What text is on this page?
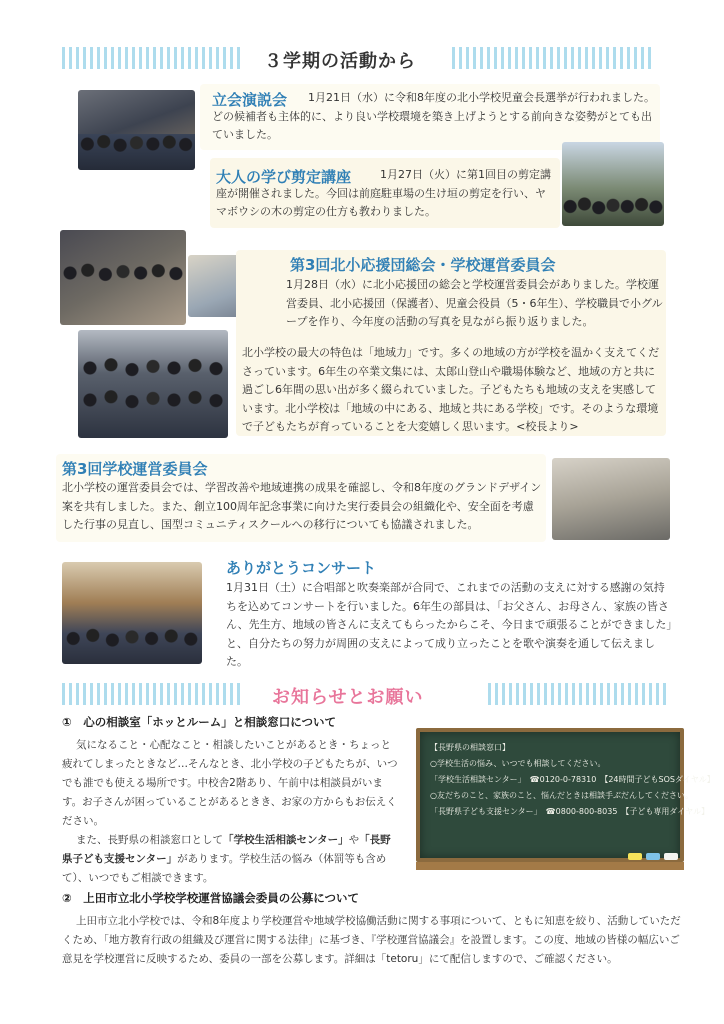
３学期の活動から
立会演説会	1月21日（水）に令和8年度の北小学校児童会長選挙が行われました。どの候補者も主体的に、より良い学校環境を築き上げようとする前向きな姿勢がとても出ていました。
大人の学び剪定講座	1月27日（火）に第1回目の剪定講座が開催されました。今回は前庭駐車場の生け垣の剪定を行い、ヤマボウシの木の剪定の仕方も教わりました。
第3回北小応援団総会・学校運営委員会
1月28日（水）に北小応援団の総会と学校運営委員会がありました。学校運営委員、北小応援団（保護者）、児童会役員（5・6年生）、学校職員で小グループを作り、今年度の活動の写真を見ながら振り返りました。
北小学校の最大の特色は「地域力」です。多くの地域の方が学校を温かく支えてくださっています。6年生の卒業文集には、太郎山登山や職場体験など、地域の方と共に過ごし6年間の思い出が多く綴られていました。子どもたちも地域の支えを実感しています。北小学校は「地域の中にある、地域と共にある学校」です。そのような環境で子どもたちが育っていることを大変嬉しく思います。<校長より>
第3回学校運営委員会
北小学校の運営委員会では、学習改善や地域連携の成果を確認し、令和8年度のグランドデザイン案を共有しました。また、創立100周年記念事業に向けた実行委員会の組織化や、安全面を考慮した行事の見直し、国型コミュニティスクールへの移行についても協議されました。
ありがとうコンサート
1月31日（土）に合唱部と吹奏楽部が合同で、これまでの活動の支えに対する感謝の気持ちを込めてコンサートを行いました。6年生の部員は、「お父さん、お母さん、家族の皆さん、先生方、地域の皆さんに支えてもらったからこそ、今日まで頑張ることができました」と、自分たちの努力が周囲の支えによって成り立ったことを歌や演奏を通して伝えました。
お知らせとお願い
①　心の相談室「ホッとルーム」と相談窓口について
気になること・心配なこと・相談したいことがあるとき・ちょっと疲れてしまったときなど…そんなとき、北小学校の子どもたちが、いつでも誰でも使える場所です。中校舎2階あり、午前中は相談員がいます。お子さんが困っていることがあるときき、お家の方からもお伝えください。
また、長野県の相談窓口として「学校生活相談センター」や「長野県子ども支援センター」があります。学校生活の悩み（体罰等も含めて）、いつでもご相談できます。
【長野県の相談窓口】
○学校生活の悩み、いつでも相談してください。
「学校生活相談センター」　☎0120-0-78310　【24時間子どもSOSダイヤル】
○友だちのこと、家族のこと、悩んだときは相談手ぶだんしてください。
「長野県子ども支援センター」　☎0800-800-8035　【子ども専用ダイヤル】
②　上田市立北小学校学校運営協議会委員の公募について
上田市立北小学校では、令和8年度より学校運営や地域学校協働活動に関する事項について、ともに知恵を絞り、活動していただくため、「地方教育行政の組織及び運営に関する法律」に基づき、『学校運営協議会』を設置します。この度、地域の皆様の幅広いご意見を学校運営に反映するため、委員の一部を公募します。詳細は「tetoru」にて配信しますので、ご確認ください。
